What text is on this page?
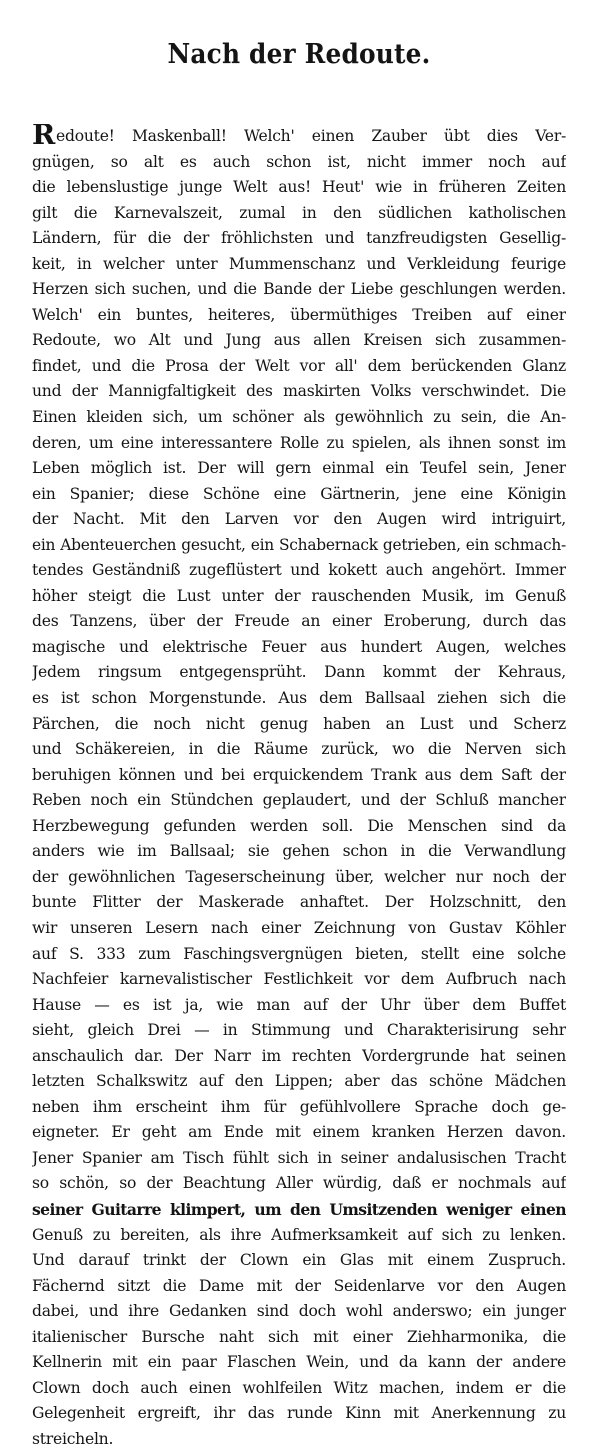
Nach der Redoute.
Redoute! Maskenball! Welch' einen Zauber übt dies Ver-
gnügen, so alt es auch schon ist, nicht immer noch auf
die lebenslustige junge Welt aus! Heut' wie in früheren Zeiten
gilt die Karnevalszeit, zumal in den südlichen katholischen
Ländern, für die der fröhlichsten und tanzfreudigsten Gesellig-
keit, in welcher unter Mummenschanz und Verkleidung feurige
Herzen sich suchen, und die Bande der Liebe geschlungen werden.
Welch' ein buntes, heiteres, übermüthiges Treiben auf einer
Redoute, wo Alt und Jung aus allen Kreisen sich zusammen-
findet, und die Prosa der Welt vor all' dem berückenden Glanz
und der Mannigfaltigkeit des maskirten Volks verschwindet. Die
Einen kleiden sich, um schöner als gewöhnlich zu sein, die An-
deren, um eine interessantere Rolle zu spielen, als ihnen sonst im
Leben möglich ist. Der will gern einmal ein Teufel sein, Jener
ein Spanier; diese Schöne eine Gärtnerin, jene eine Königin
der Nacht. Mit den Larven vor den Augen wird intriguirt,
ein Abenteuerchen gesucht, ein Schabernack getrieben, ein schmach-
tendes Geständniß zugeflüstert und kokett auch angehört. Immer
höher steigt die Lust unter der rauschenden Musik, im Genuß
des Tanzens, über der Freude an einer Eroberung, durch das
magische und elektrische Feuer aus hundert Augen, welches
Jedem ringsum entgegensprüht. Dann kommt der Kehraus,
es ist schon Morgenstunde. Aus dem Ballsaal ziehen sich die
Pärchen, die noch nicht genug haben an Lust und Scherz
und Schäkereien, in die Räume zurück, wo die Nerven sich
beruhigen können und bei erquickendem Trank aus dem Saft der
Reben noch ein Stündchen geplaudert, und der Schluß mancher
Herzbewegung gefunden werden soll. Die Menschen sind da
anders wie im Ballsaal; sie gehen schon in die Verwandlung
der gewöhnlichen Tageserscheinung über, welcher nur noch der
bunte Flitter der Maskerade anhaftet. Der Holzschnitt, den
wir unseren Lesern nach einer Zeichnung von Gustav Köhler
auf S. 333 zum Faschingsvergnügen bieten, stellt eine solche
Nachfeier karnevalistischer Festlichkeit vor dem Aufbruch nach
Hause — es ist ja, wie man auf der Uhr über dem Buffet
sieht, gleich Drei — in Stimmung und Charakterisirung sehr
anschaulich dar. Der Narr im rechten Vordergrunde hat seinen
letzten Schalkswitz auf den Lippen; aber das schöne Mädchen
neben ihm erscheint ihm für gefühlvollere Sprache doch ge-
eigneter. Er geht am Ende mit einem kranken Herzen davon.
Jener Spanier am Tisch fühlt sich in seiner andalusischen Tracht
so schön, so der Beachtung Aller würdig, daß er nochmals auf
seiner Guitarre klimpert, um den Umsitzenden weniger einen
Genuß zu bereiten, als ihre Aufmerksamkeit auf sich zu lenken.
Und darauf trinkt der Clown ein Glas mit einem Zuspruch.
Fächernd sitzt die Dame mit der Seidenlarve vor den Augen
dabei, und ihre Gedanken sind doch wohl anderswo; ein junger
italienischer Bursche naht sich mit einer Ziehharmonika, die
Kellnerin mit ein paar Flaschen Wein, und da kann der andere
Clown doch auch einen wohlfeilen Witz machen, indem er die
Gelegenheit ergreift, ihr das runde Kinn mit Anerkennung zu
streicheln.
